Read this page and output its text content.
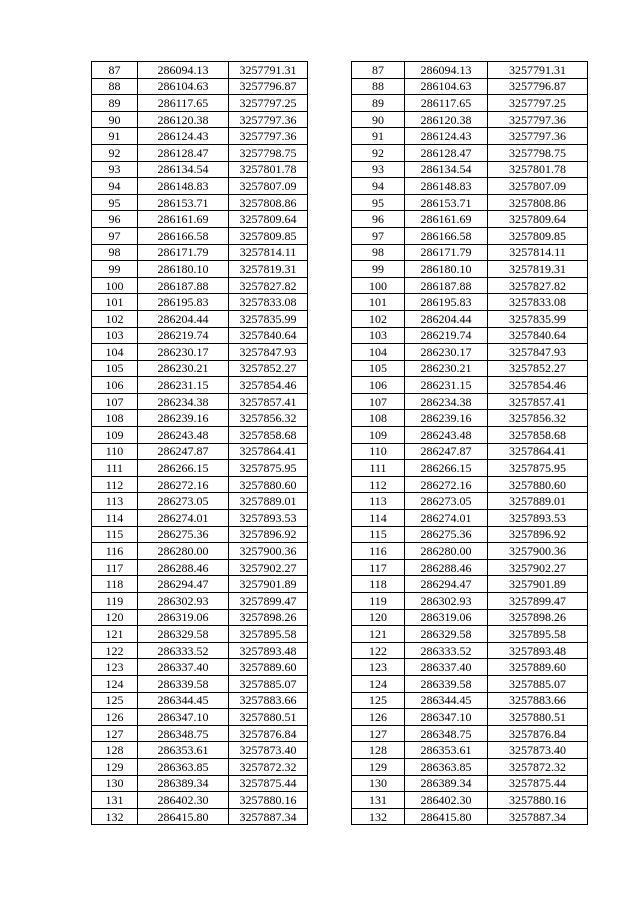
87	286094.13	3257791.31
88	286104.63	3257796.87
89	286117.65	3257797.25
90	286120.38	3257797.36
91	286124.43	3257797.36
92	286128.47	3257798.75
93	286134.54	3257801.78
94	286148.83	3257807.09
95	286153.71	3257808.86
96	286161.69	3257809.64
97	286166.58	3257809.85
98	286171.79	3257814.11
99	286180.10	3257819.31
100	286187.88	3257827.82
101	286195.83	3257833.08
102	286204.44	3257835.99
103	286219.74	3257840.64
104	286230.17	3257847.93
105	286230.21	3257852.27
106	286231.15	3257854.46
107	286234.38	3257857.41
108	286239.16	3257856.32
109	286243.48	3257858.68
110	286247.87	3257864.41
111	286266.15	3257875.95
112	286272.16	3257880.60
113	286273.05	3257889.01
114	286274.01	3257893.53
115	286275.36	3257896.92
116	286280.00	3257900.36
117	286288.46	3257902.27
118	286294.47	3257901.89
119	286302.93	3257899.47
120	286319.06	3257898.26
121	286329.58	3257895.58
122	286333.52	3257893.48
123	286337.40	3257889.60
124	286339.58	3257885.07
125	286344.45	3257883.66
126	286347.10	3257880.51
127	286348.75	3257876.84
128	286353.61	3257873.40
129	286363.85	3257872.32
130	286389.34	3257875.44
131	286402.30	3257880.16
132	286415.80	3257887.34
87	286094.13	3257791.31
88	286104.63	3257796.87
89	286117.65	3257797.25
90	286120.38	3257797.36
91	286124.43	3257797.36
92	286128.47	3257798.75
93	286134.54	3257801.78
94	286148.83	3257807.09
95	286153.71	3257808.86
96	286161.69	3257809.64
97	286166.58	3257809.85
98	286171.79	3257814.11
99	286180.10	3257819.31
100	286187.88	3257827.82
101	286195.83	3257833.08
102	286204.44	3257835.99
103	286219.74	3257840.64
104	286230.17	3257847.93
105	286230.21	3257852.27
106	286231.15	3257854.46
107	286234.38	3257857.41
108	286239.16	3257856.32
109	286243.48	3257858.68
110	286247.87	3257864.41
111	286266.15	3257875.95
112	286272.16	3257880.60
113	286273.05	3257889.01
114	286274.01	3257893.53
115	286275.36	3257896.92
116	286280.00	3257900.36
117	286288.46	3257902.27
118	286294.47	3257901.89
119	286302.93	3257899.47
120	286319.06	3257898.26
121	286329.58	3257895.58
122	286333.52	3257893.48
123	286337.40	3257889.60
124	286339.58	3257885.07
125	286344.45	3257883.66
126	286347.10	3257880.51
127	286348.75	3257876.84
128	286353.61	3257873.40
129	286363.85	3257872.32
130	286389.34	3257875.44
131	286402.30	3257880.16
132	286415.80	3257887.34
